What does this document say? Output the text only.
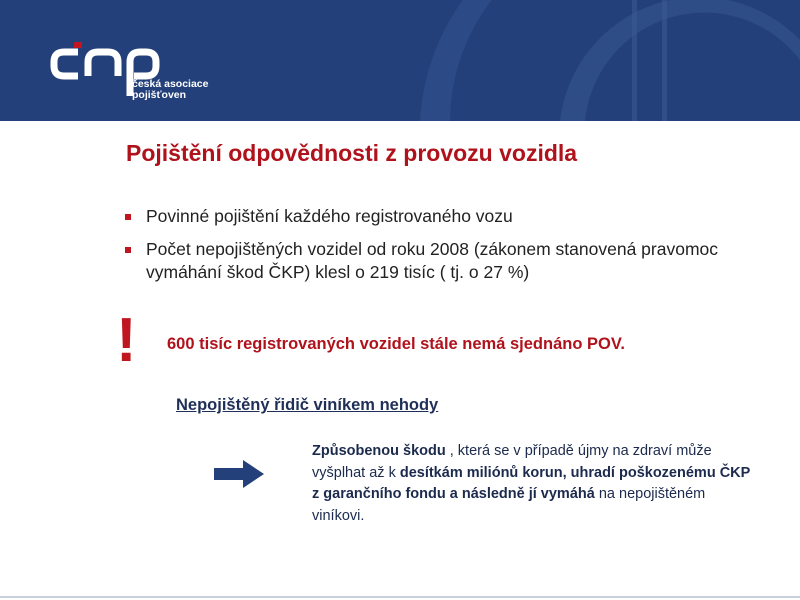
česká asociace
pojišťoven
Pojištění odpovědnosti z provozu vozidla
Povinné pojištění každého registrovaného vozu
Počet nepojištěných vozidel od roku 2008 (zákonem stanovená pravomoc vymáhání škod ČKP) klesl o 219 tisíc ( tj. o 27 %)
! 600 tisíc registrovaných vozidel stále nemá sjednáno POV.
Nepojištěný řidič viníkem nehody
Způsobenou škodu , která se v případě újmy na zdraví může vyšplhat až k desítkám miliónů korun, uhradí poškozenému ČKP z garančního fondu a následně jí vymáhá na nepojištěném viníkovi.
